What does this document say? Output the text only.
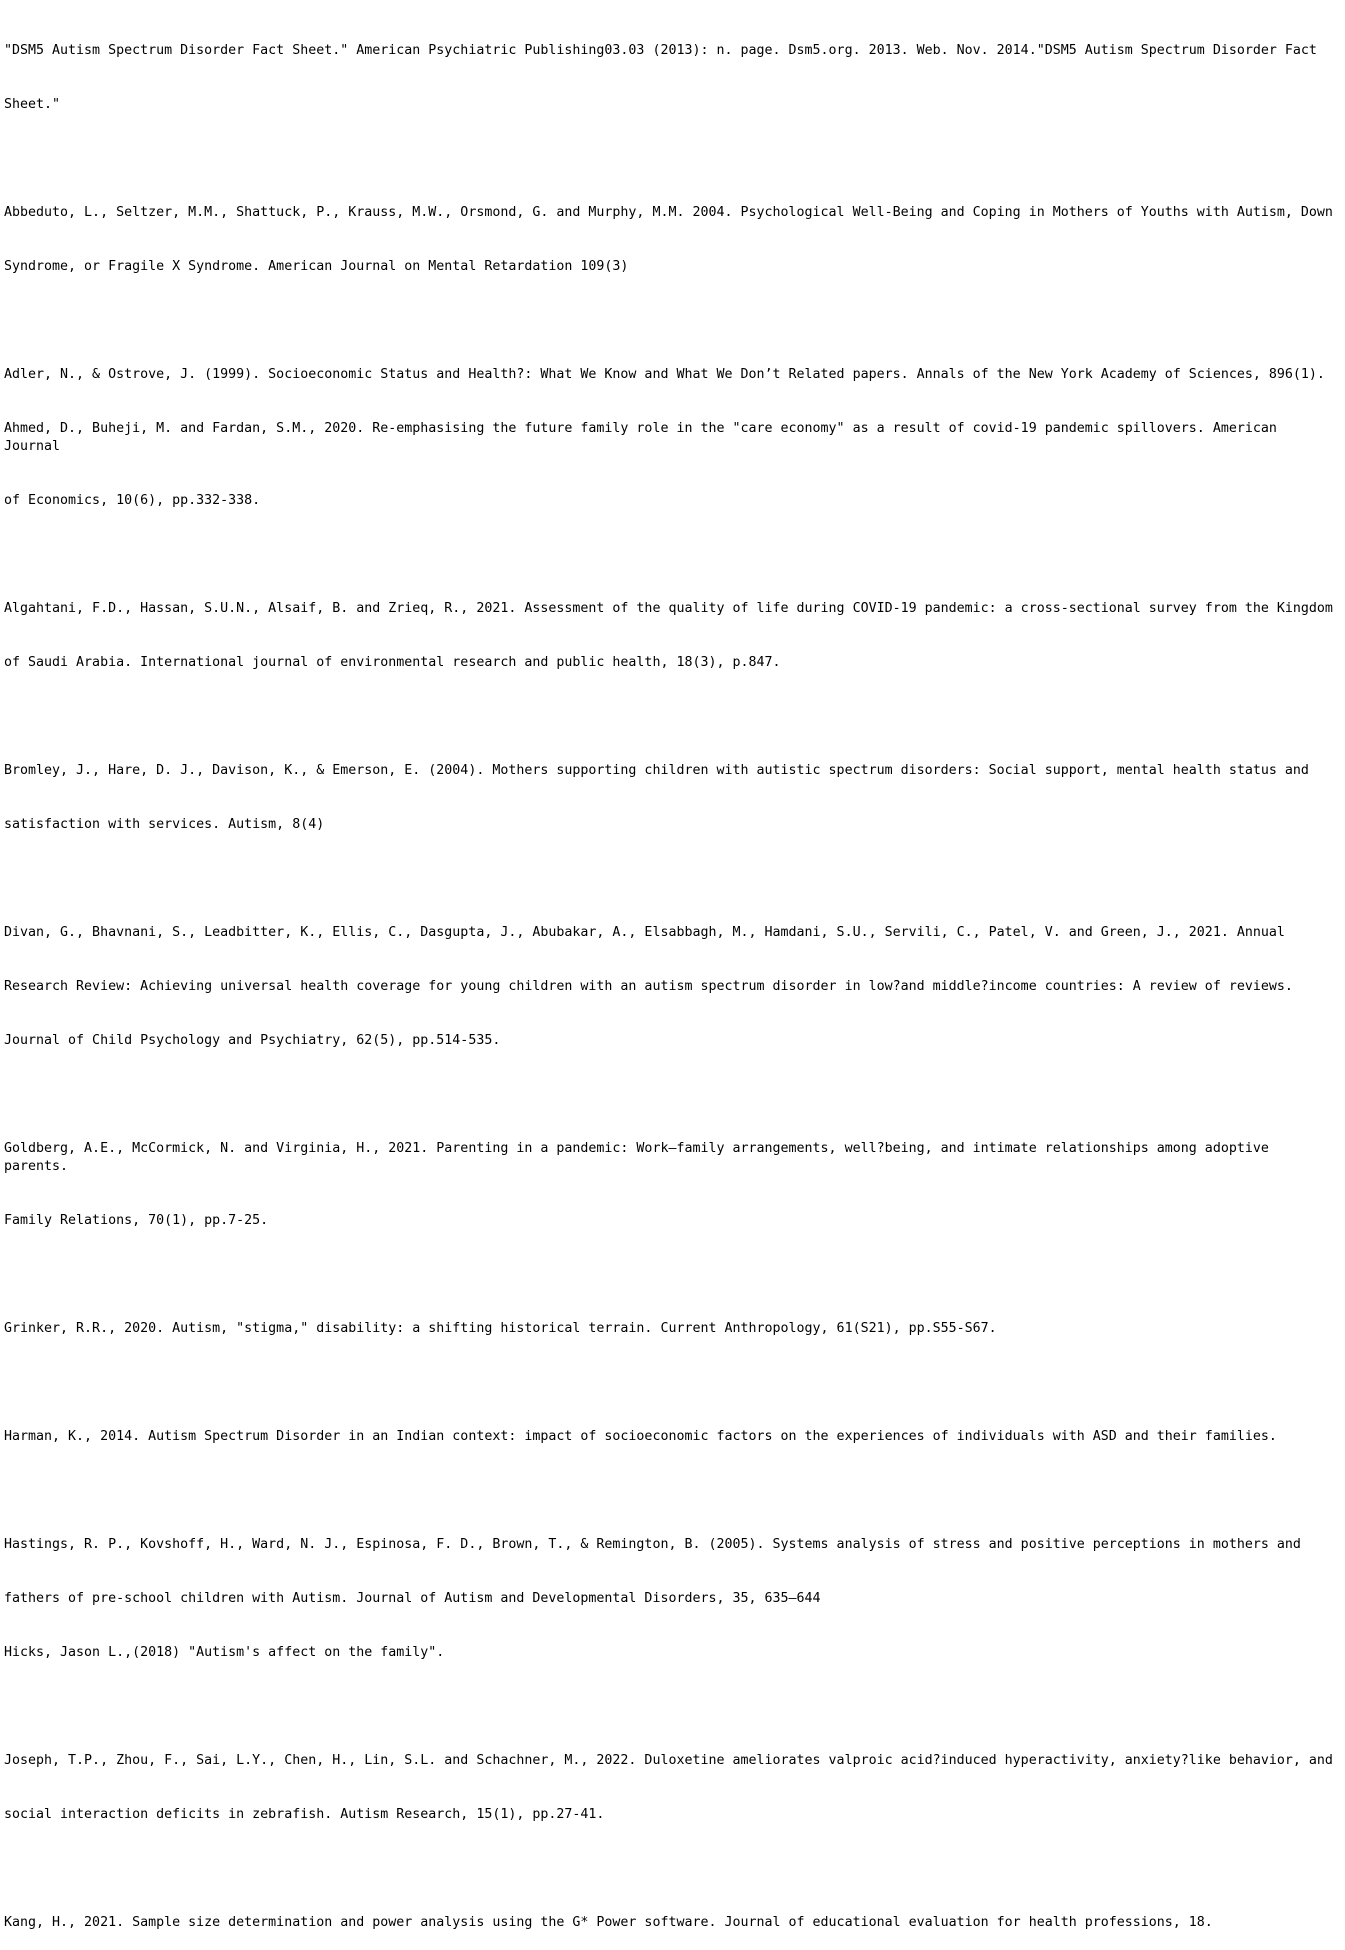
"DSM5 Autism Spectrum Disorder Fact Sheet." American Psychiatric Publishing03.03 (2013): n. page. Dsm5.org. 2013. Web. Nov. 2014."DSM5 Autism Spectrum Disorder Fact

Sheet."

Abbeduto, L., Seltzer, M.M., Shattuck, P., Krauss, M.W., Orsmond, G. and Murphy, M.M. 2004. Psychological Well-Being and Coping in Mothers of Youths with Autism, Down

Syndrome, or Fragile X Syndrome. American Journal on Mental Retardation 109(3)

Adler, N., & Ostrove, J. (1999). Socioeconomic Status and Health?: What We Know and What We Don’t Related papers. Annals of the New York Academy of Sciences, 896(1).

Ahmed, D., Buheji, M. and Fardan, S.M., 2020. Re-emphasising the future family role in the "care economy" as a result of covid-19 pandemic spillovers. American Journal

of Economics, 10(6), pp.332-338.

Algahtani, F.D., Hassan, S.U.N., Alsaif, B. and Zrieq, R., 2021. Assessment of the quality of life during COVID-19 pandemic: a cross-sectional survey from the Kingdom

of Saudi Arabia. International journal of environmental research and public health, 18(3), p.847.

Bromley, J., Hare, D. J., Davison, K., & Emerson, E. (2004). Mothers supporting children with autistic spectrum disorders: Social support, mental health status and

satisfaction with services. Autism, 8(4)

Divan, G., Bhavnani, S., Leadbitter, K., Ellis, C., Dasgupta, J., Abubakar, A., Elsabbagh, M., Hamdani, S.U., Servili, C., Patel, V. and Green, J., 2021. Annual

Research Review: Achieving universal health coverage for young children with an autism spectrum disorder in low?and middle?income countries: A review of reviews.

Journal of Child Psychology and Psychiatry, 62(5), pp.514-535.

Goldberg, A.E., McCormick, N. and Virginia, H., 2021. Parenting in a pandemic: Work–family arrangements, well?being, and intimate relationships among adoptive parents.

Family Relations, 70(1), pp.7-25.

Grinker, R.R., 2020. Autism, "stigma," disability: a shifting historical terrain. Current Anthropology, 61(S21), pp.S55-S67.

Harman, K., 2014. Autism Spectrum Disorder in an Indian context: impact of socioeconomic factors on the experiences of individuals with ASD and their families.

Hastings, R. P., Kovshoff, H., Ward, N. J., Espinosa, F. D., Brown, T., & Remington, B. (2005). Systems analysis of stress and positive perceptions in mothers and

fathers of pre-school children with Autism. Journal of Autism and Developmental Disorders, 35, 635–644

Hicks, Jason L.,(2018) "Autism's affect on the family".

Joseph, T.P., Zhou, F., Sai, L.Y., Chen, H., Lin, S.L. and Schachner, M., 2022. Duloxetine ameliorates valproic acid?induced hyperactivity, anxiety?like behavior, and

social interaction deficits in zebrafish. Autism Research, 15(1), pp.27-41.

Kang, H., 2021. Sample size determination and power analysis using the G* Power software. Journal of educational evaluation for health professions, 18.
